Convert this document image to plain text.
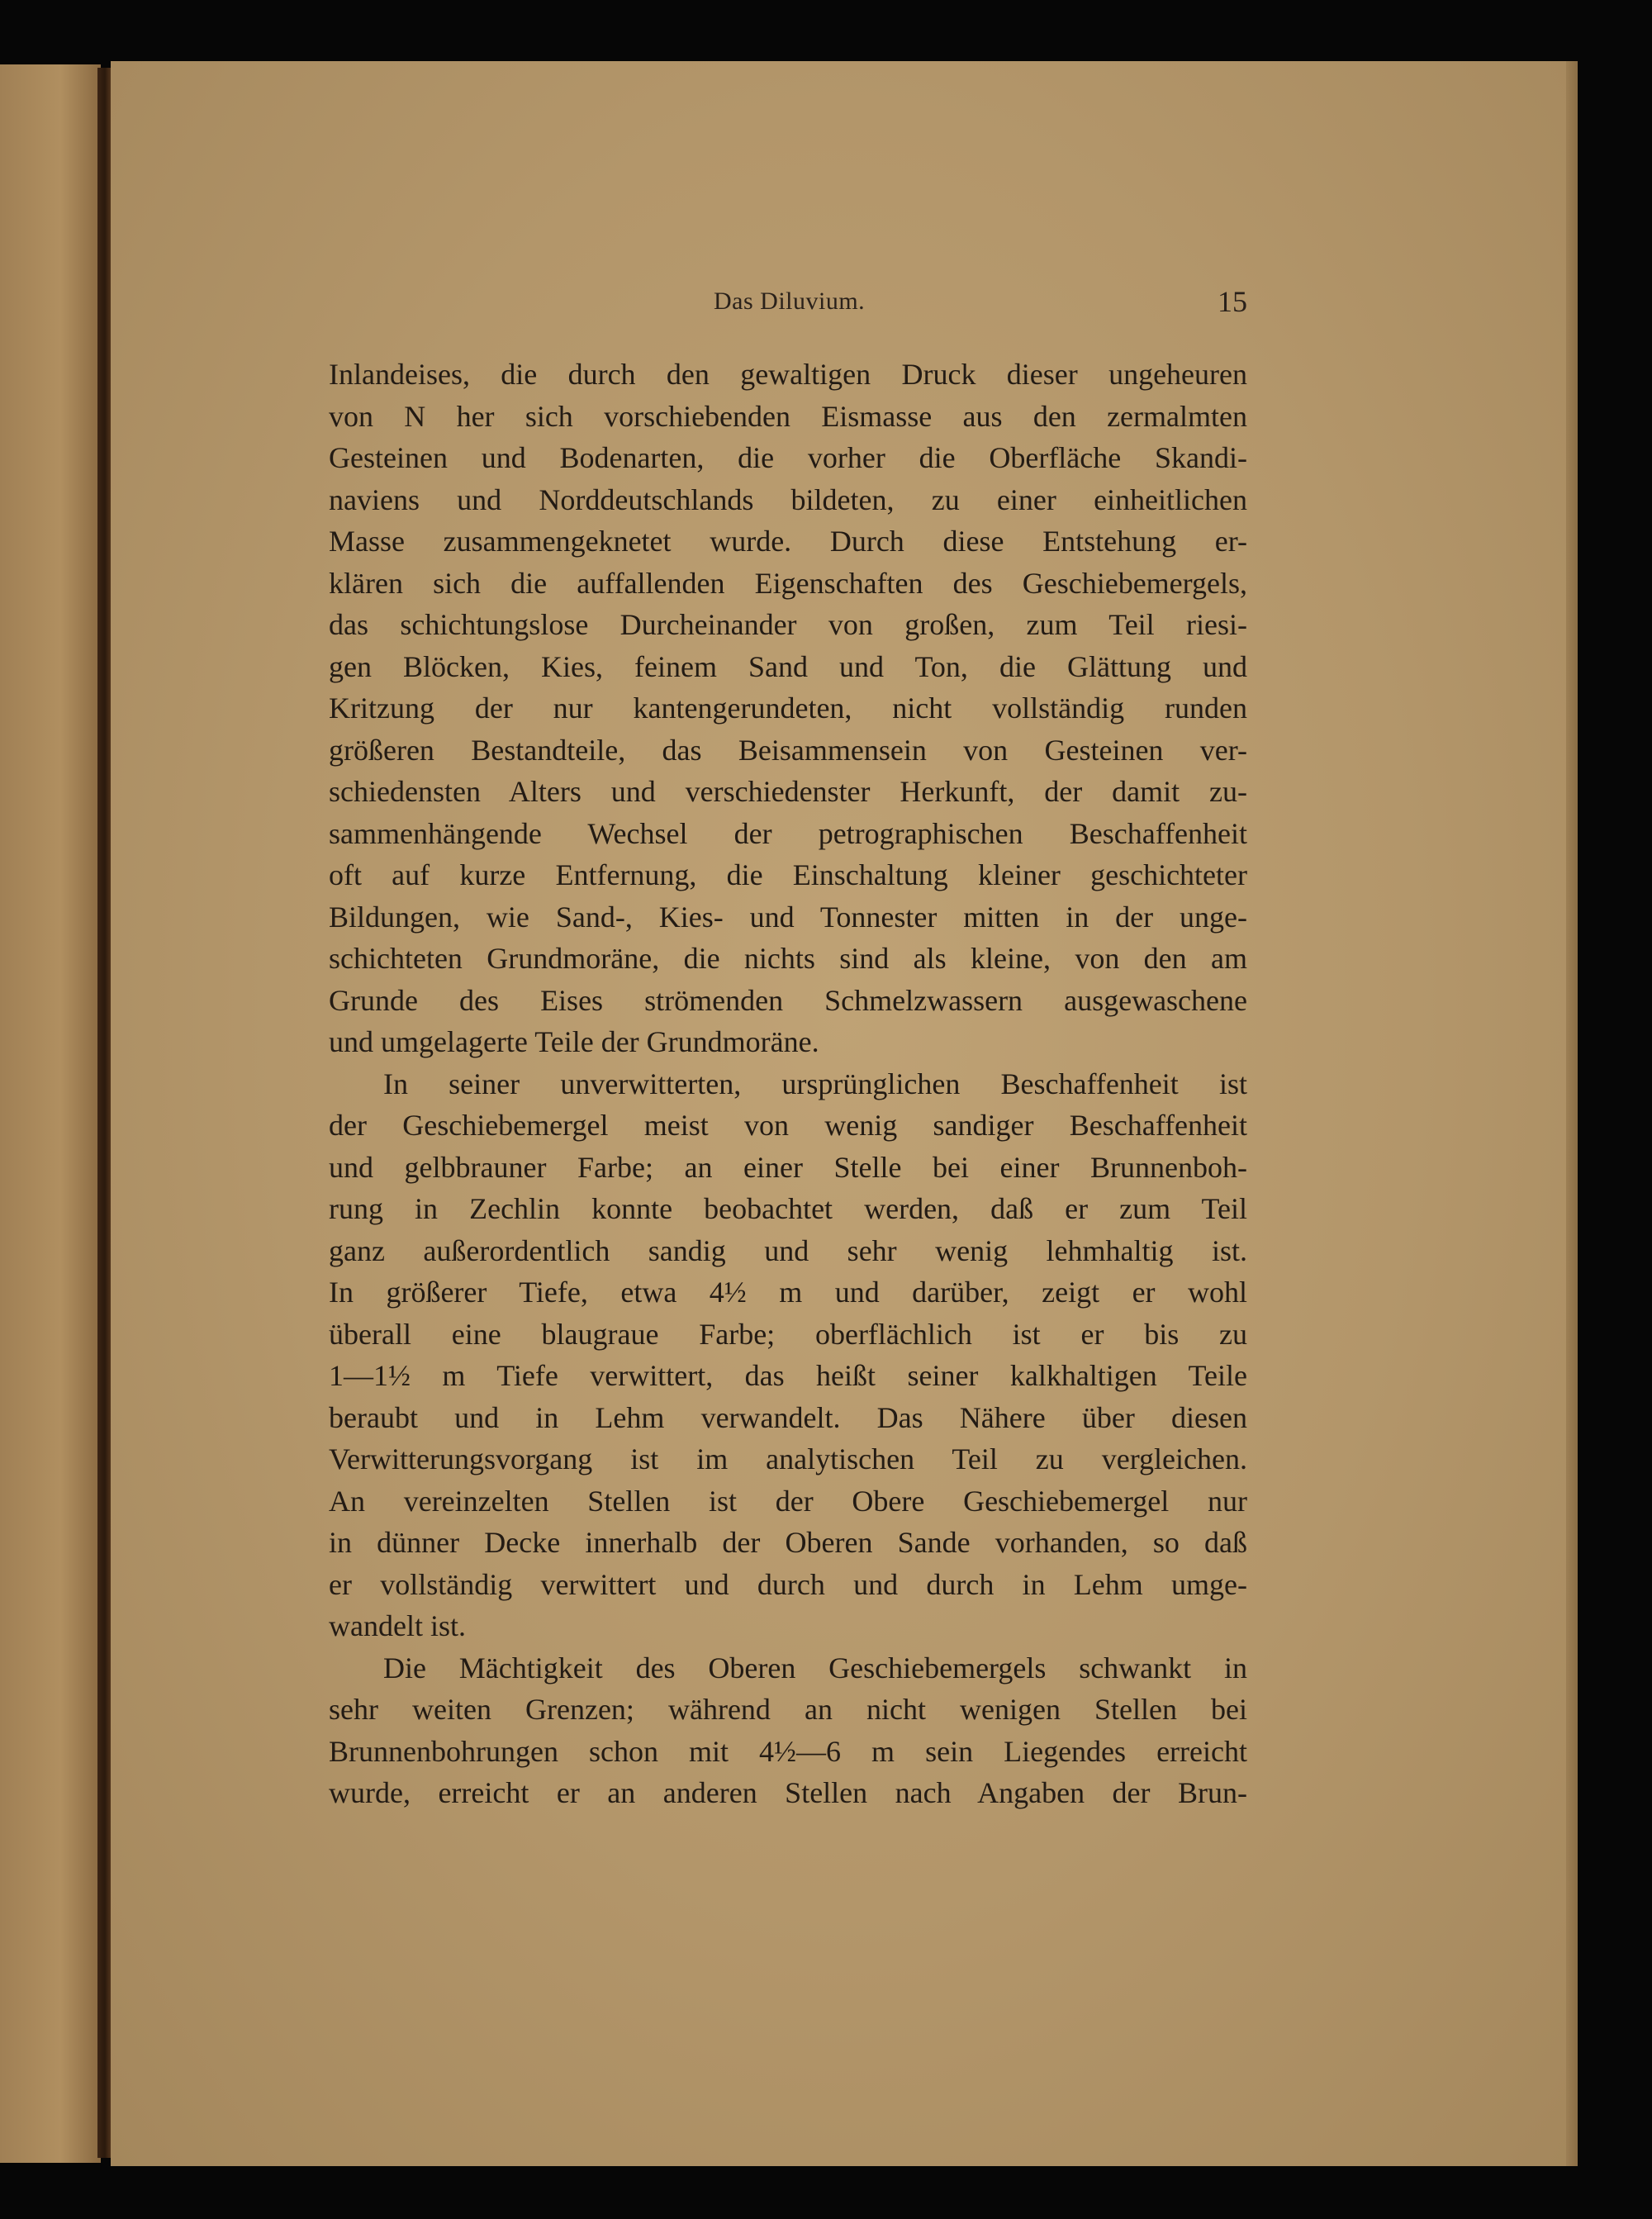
Das Diluvium.	15
Inlandeises, die durch den gewaltigen Druck dieser ungeheuren
von N her sich vorschiebenden Eismasse aus den zermalmten
Gesteinen und Bodenarten, die vorher die Oberfläche Skandi-
naviens und Norddeutschlands bildeten, zu einer einheitlichen
Masse zusammengeknetet wurde. Durch diese Entstehung er-
klären sich die auffallenden Eigenschaften des Geschiebemergels,
das schichtungslose Durcheinander von großen, zum Teil riesi-
gen Blöcken, Kies, feinem Sand und Ton, die Glättung und
Kritzung der nur kantengerundeten, nicht vollständig runden
größeren Bestandteile, das Beisammensein von Gesteinen ver-
schiedensten Alters und verschiedenster Herkunft, der damit zu-
sammenhängende Wechsel der petrographischen Beschaffenheit
oft auf kurze Entfernung, die Einschaltung kleiner geschichteter
Bildungen, wie Sand-, Kies- und Tonnester mitten in der unge-
schichteten Grundmoräne, die nichts sind als kleine, von den am
Grunde des Eises strömenden Schmelzwassern ausgewaschene
und umgelagerte Teile der Grundmoräne.
In seiner unverwitterten, ursprünglichen Beschaffenheit ist
der Geschiebemergel meist von wenig sandiger Beschaffenheit
und gelbbrauner Farbe; an einer Stelle bei einer Brunnenboh-
rung in Zechlin konnte beobachtet werden, daß er zum Teil
ganz außerordentlich sandig und sehr wenig lehmhaltig ist.
In größerer Tiefe, etwa 4½ m und darüber, zeigt er wohl
überall eine blaugraue Farbe; oberflächlich ist er bis zu
1—1½ m Tiefe verwittert, das heißt seiner kalkhaltigen Teile
beraubt und in Lehm verwandelt. Das Nähere über diesen
Verwitterungsvorgang ist im analytischen Teil zu vergleichen.
An vereinzelten Stellen ist der Obere Geschiebemergel nur
in dünner Decke innerhalb der Oberen Sande vorhanden, so daß
er vollständig verwittert und durch und durch in Lehm umge-
wandelt ist.
Die Mächtigkeit des Oberen Geschiebemergels schwankt in
sehr weiten Grenzen; während an nicht wenigen Stellen bei
Brunnenbohrungen schon mit 4½—6 m sein Liegendes erreicht
wurde, erreicht er an anderen Stellen nach Angaben der Brun-
